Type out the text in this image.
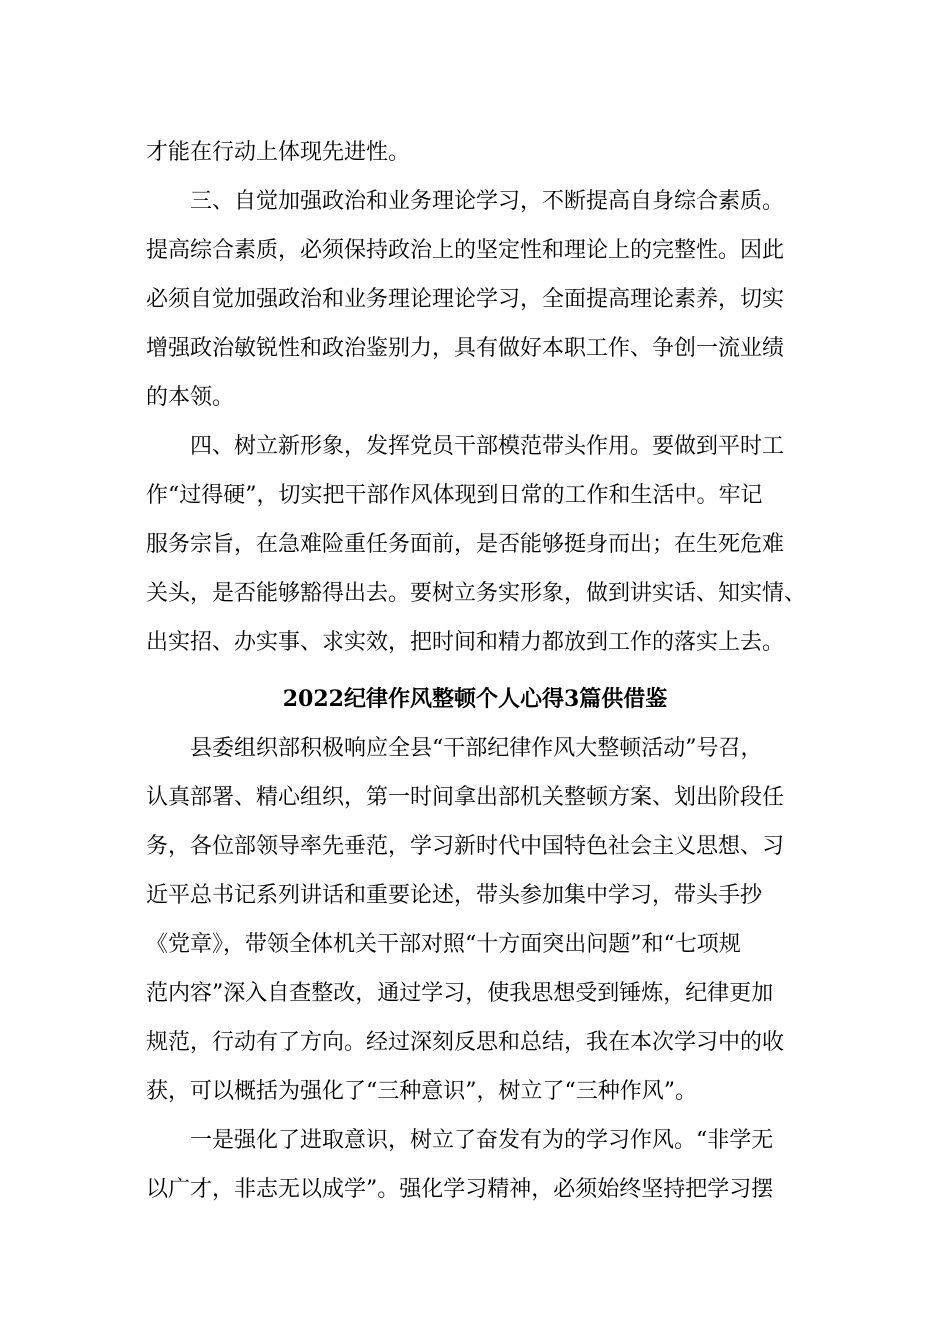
才能在行动上体现先进性。
三、自觉加强政治和业务理论学习，不断提高自身综合素质。
提高综合素质，必须保持政治上的坚定性和理论上的完整性。因此
必须自觉加强政治和业务理论理论学习，全面提高理论素养，切实
增强政治敏锐性和政治鉴别力，具有做好本职工作、争创一流业绩
的本领。
四、树立新形象，发挥党员干部模范带头作用。要做到平时工
作“过得硬”，切实把干部作风体现到日常的工作和生活中。牢记
服务宗旨，在急难险重任务面前，是否能够挺身而出；在生死危难
关头，是否能够豁得出去。要树立务实形象，做到讲实话、知实情、
出实招、办实事、求实效，把时间和精力都放到工作的落实上去。
2022纪律作风整顿个人心得3篇供借鉴
县委组织部积极响应全县“干部纪律作风大整顿活动”号召，
认真部署、精心组织，第一时间拿出部机关整顿方案、划出阶段任
务，各位部领导率先垂范，学习新时代中国特色社会主义思想、习
近平总书记系列讲话和重要论述，带头参加集中学习，带头手抄
《党章》，带领全体机关干部对照“十方面突出问题”和“七项规
范内容”深入自查整改，通过学习，使我思想受到锤炼，纪律更加
规范，行动有了方向。经过深刻反思和总结，我在本次学习中的收
获，可以概括为强化了“三种意识”，树立了“三种作风”。
一是强化了进取意识，树立了奋发有为的学习作风。“非学无
以广才，非志无以成学”。强化学习精神，必须始终坚持把学习摆
